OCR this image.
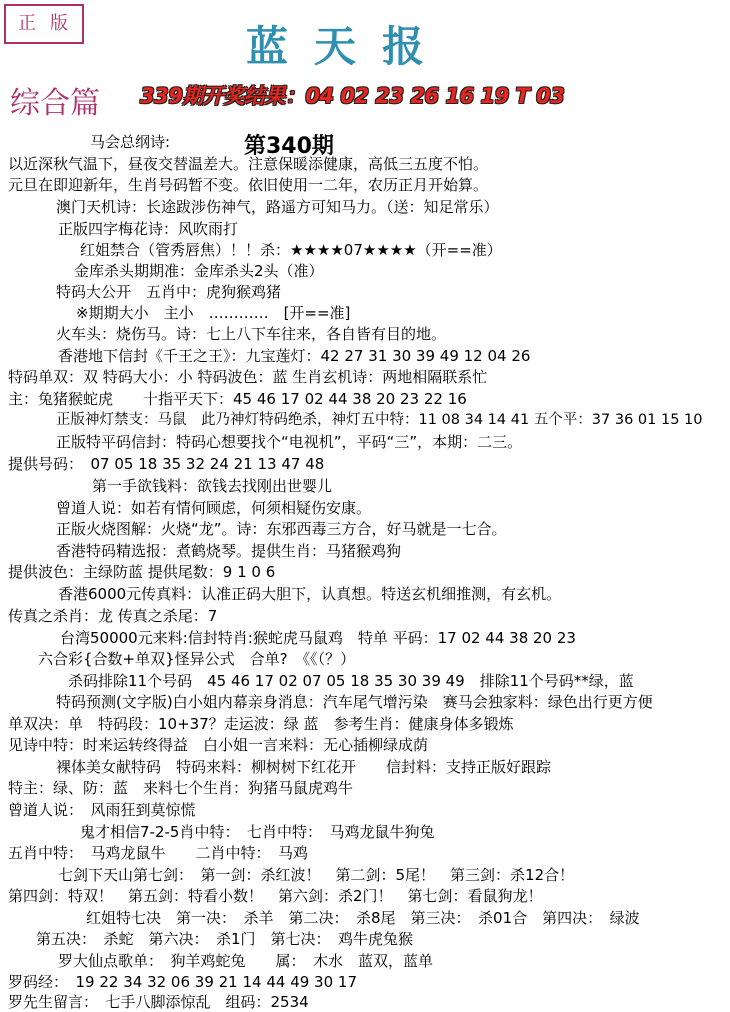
正版	蓝天报
综合篇 339期开奖结果：04 02 23 26 16 19 T 03
第340期
马会总纲诗:
以近深秋气温下，昼夜交替温差大。注意保暖添健康，高低三五度不怕。
元旦在即迎新年，生肖号码暂不变。依旧使用一二年，农历正月开始算。
澳门天机诗：长途跋涉伤神气，路遥方可知马力。（送：知足常乐）
正版四字梅花诗：风吹雨打
红姐禁合（管秀唇焦）！！杀：★★★★07★★★★（开==准）
金库杀头期期准：金库杀头2头（准）
特码大公开　五肖中：虎狗猴鸡猪
※期期大小　主小　…………　[开==准]
火车头：烧伤马。诗：七上八下车往来，各自皆有目的地。
香港地下信封《千王之王》：九宝莲灯：42 27 31 30 39 49 12 04 26
特码单双：双 特码大小：小 特码波色：蓝 生肖玄机诗：两地相隔联系忙
主：兔猪猴蛇虎　　十指平天下：45 46 17 02 44 38 20 23 22 16
正版神灯禁支：马鼠　此乃神灯特码绝杀，神灯五中特：11 08 34 14 41 五个平：37 36 01 15 10
正版特平码信封：特码心想要找个“电视机”，平码“三”，本期：二三。
提供号码：　07 05 18 35 32 24 21 13 47 48
第一手欲钱料：欲钱去找刚出世婴儿
曾道人说：如若有情何顾虑，何须相疑伤安康。
正版火烧图解：火烧“龙”。诗：东邪西毒三方合，好马就是一七合。
香港特码精选报：煮鹤烧琴。提供生肖：马猪猴鸡狗
提供波色：主绿防蓝 提供尾数：9 1 0 6
香港6000元传真料：认准正码大胆下，认真想。特送玄机细推测，有玄机。
传真之杀肖：龙 传真之杀尾：7
台湾50000元来料:信封特肖:猴蛇虎马鼠鸡　特单 平码：17 02 44 38 20 23
六合彩{合数+单双}怪异公式　合单?　《《（？）
杀码排除11个号码　45 46 17 02 07 05 18 35 30 39 49　排除11个号码**绿，蓝
特码预测(文字版)白小姐内幕亲身消息：汽车尾气增污染　赛马会独家料：绿色出行更方便
单双决：单　特码段：10+37？走运波：绿 蓝　参考生肖：健康身体多锻炼
见诗中特：时来运转终得益　白小姐一言来料：无心插柳绿成荫
裸体美女献特码　特码来料：柳树树下红花开　　信封料：支持正版好跟踪
特主：绿、防：蓝　来料七个生肖：狗猪马鼠虎鸡牛
曾道人说：　风雨狂到莫惊慌
鬼才相信7-2-5肖中特：　七肖中特：　马鸡龙鼠牛狗兔
五肖中特：　马鸡龙鼠牛　　二肖中特：　马鸡
七剑下天山第七剑：　第一剑：杀红波！　第二剑：5尾！　第三剑：杀12合！
第四剑：特双！　第五剑：特看小数！　第六剑：杀2门！　第七剑：看鼠狗龙！
红姐特七决　第一决：　杀羊　第二决：　杀8尾　第三决：　杀01合　第四决：　绿波
第五决：　杀蛇　第六决：　杀1门　第七决：　鸡牛虎兔猴
罗大仙点歌单：　狗羊鸡蛇兔　　属：　木水　蓝双，蓝单
罗码经：　19 22 34 32 06 39 21 14 44 49 30 17
罗先生留言：　七手八脚添惊乱　组码：2534
